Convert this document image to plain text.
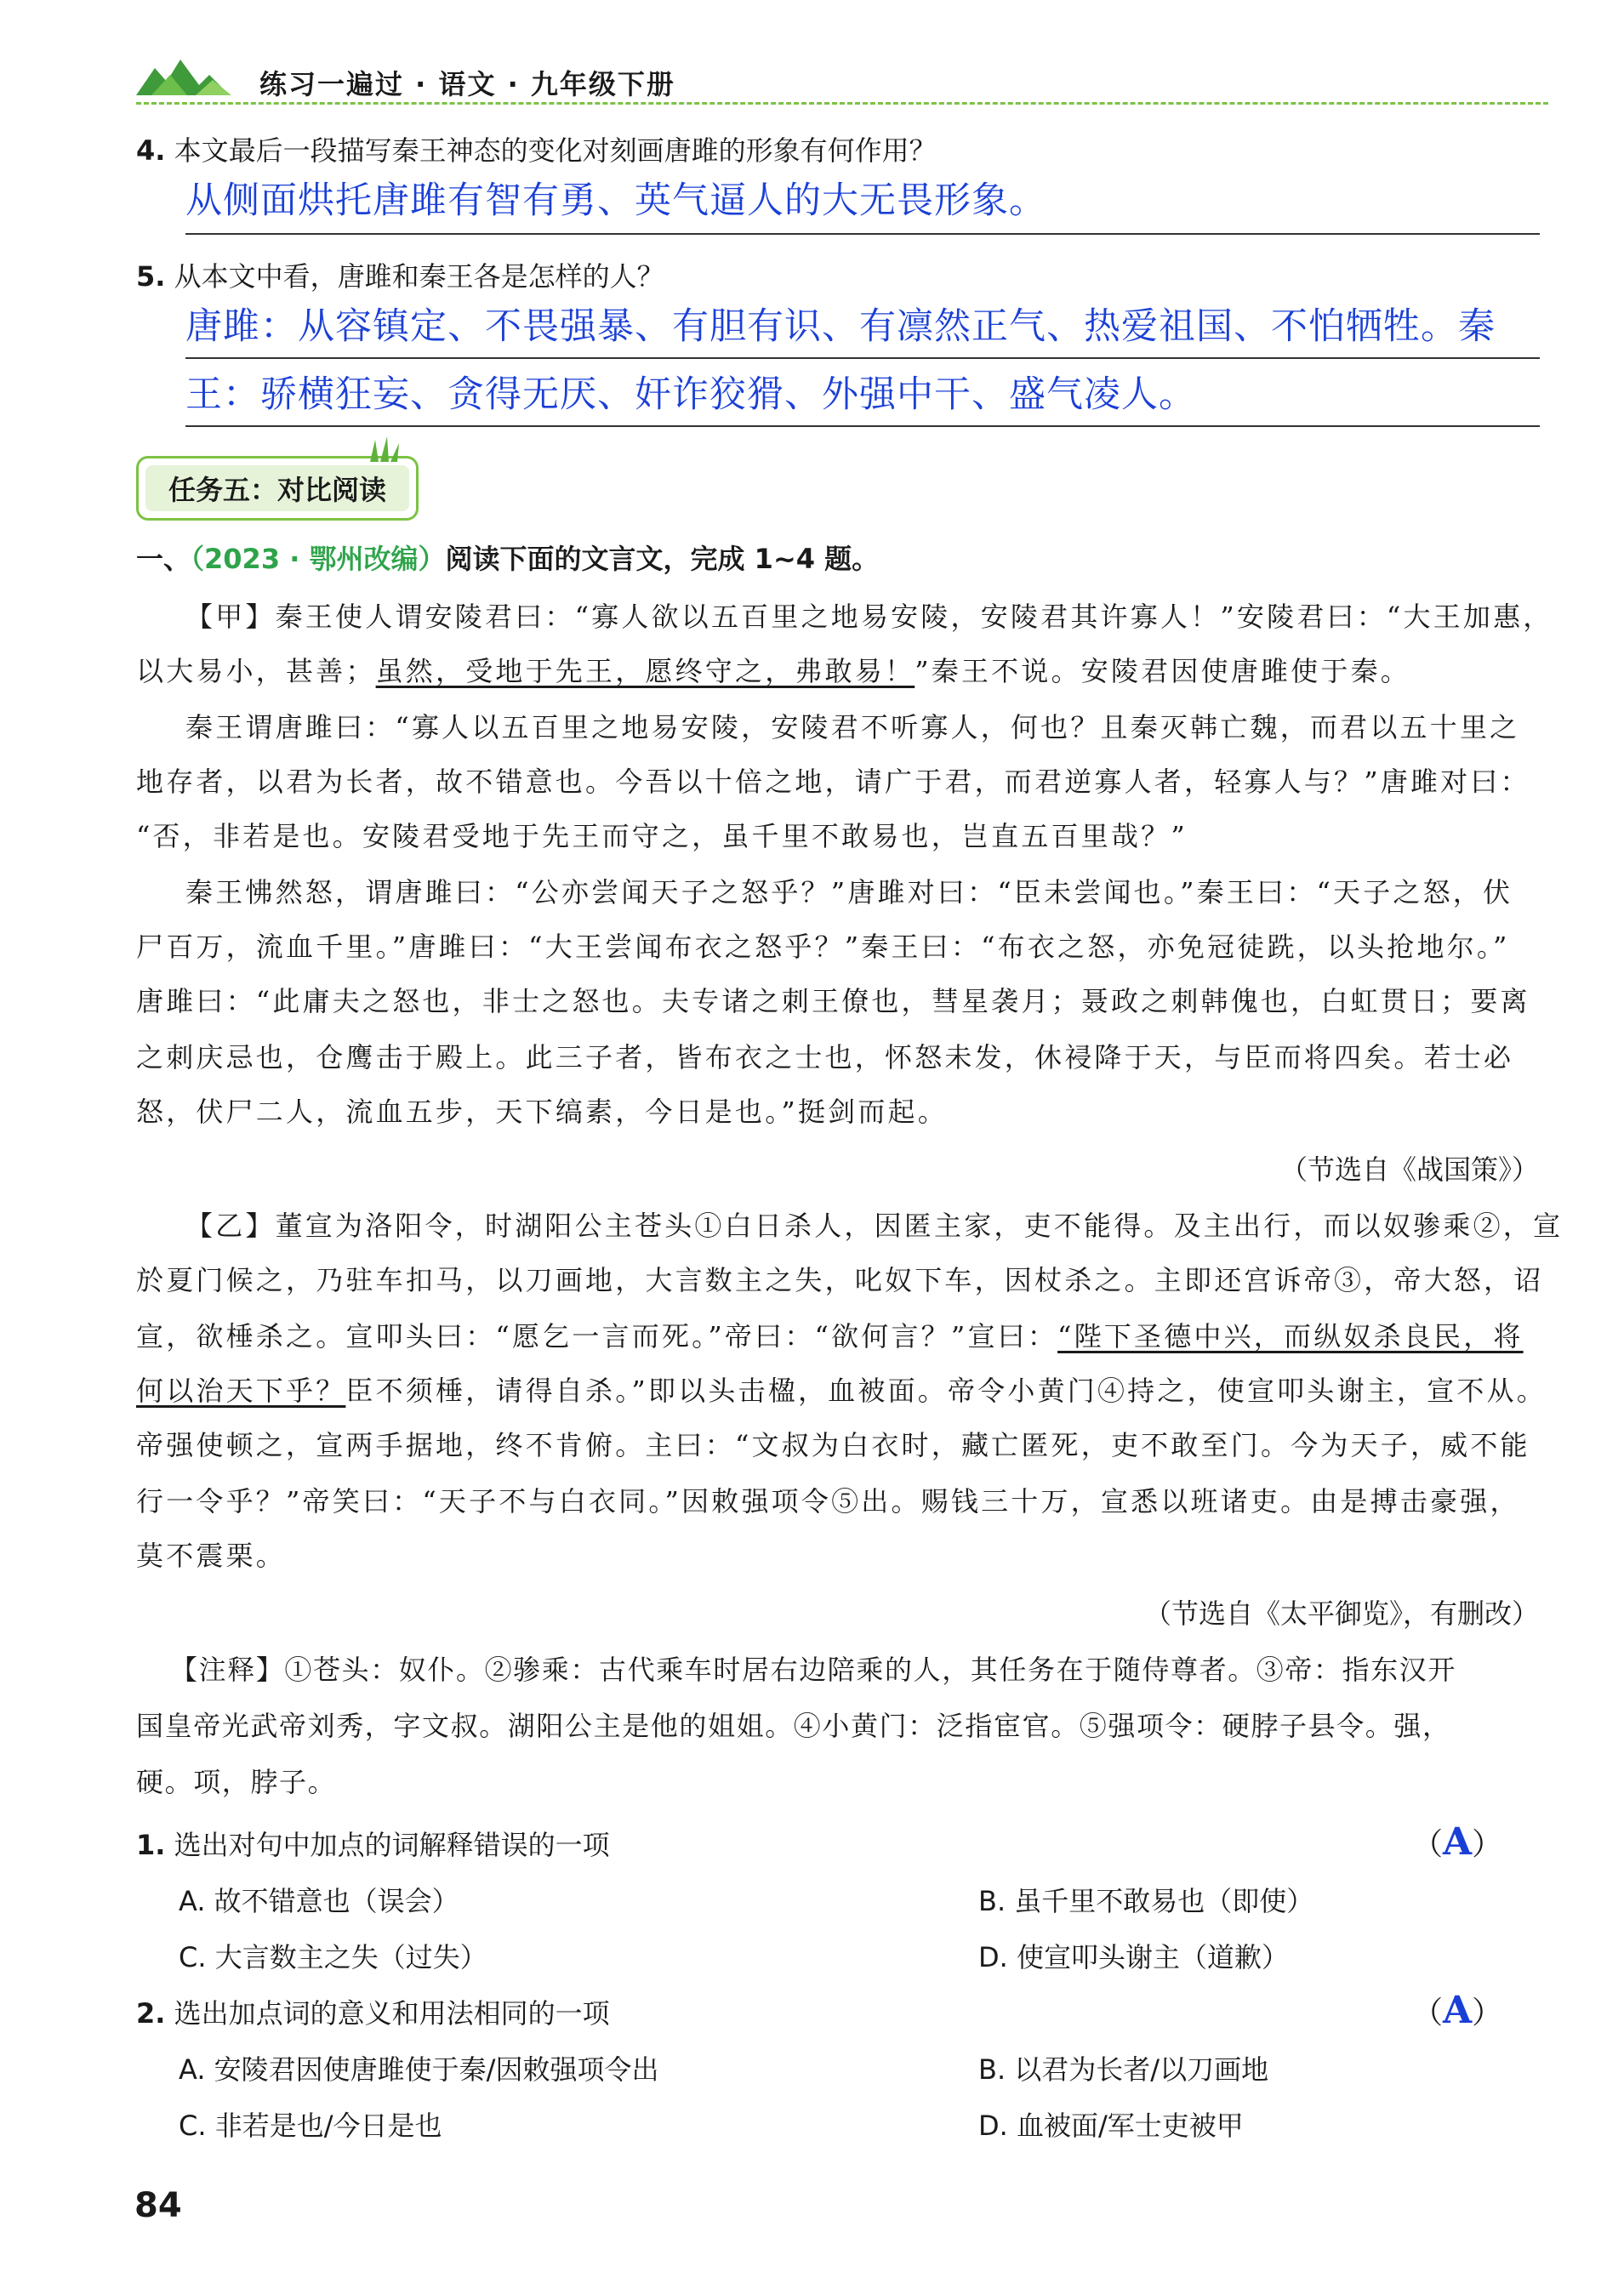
练习一遍过 · 语文 · 九年级下册
4. 本文最后一段描写秦王神态的变化对刻画唐雎的形象有何作用？
从侧面烘托唐雎有智有勇、英气逼人的大无畏形象。
5. 从本文中看，唐雎和秦王各是怎样的人？
唐雎：从容镇定、不畏强暴、有胆有识、有凛然正气、热爱祖国、不怕牺牲。秦
王：骄横狂妄、贪得无厌、奸诈狡猾、外强中干、盛气凌人。
任务五：对比阅读
一、（2023 · 鄂州改编）阅读下面的文言文，完成 1~4 题。
【甲】秦王使人谓安陵君曰：“寡人欲以五百里之地易安陵，安陵君其许寡人！”安陵君曰：“大王加惠，
以大易小，甚善；虽然，受地于先王，愿终守之，弗敢易！”秦王不说。安陵君因使唐雎使于秦。
秦王谓唐雎曰：“寡人以五百里之地易安陵，安陵君不听寡人，何也？且秦灭韩亡魏，而君以五十里之
地存者，以君为长者，故不错意也。今吾以十倍之地，请广于君，而君逆寡人者，轻寡人与？”唐雎对曰：
“否，非若是也。安陵君受地于先王而守之，虽千里不敢易也，岂直五百里哉？”
秦王怫然怒，谓唐雎曰：“公亦尝闻天子之怒乎？”唐雎对曰：“臣未尝闻也。”秦王曰：“天子之怒，伏
尸百万，流血千里。”唐雎曰：“大王尝闻布衣之怒乎？”秦王曰：“布衣之怒，亦免冠徒跣，以头抢地尔。”
唐雎曰：“此庸夫之怒也，非士之怒也。夫专诸之刺王僚也，彗星袭月；聂政之刺韩傀也，白虹贯日；要离
之刺庆忌也，仓鹰击于殿上。此三子者，皆布衣之士也，怀怒未发，休祲降于天，与臣而将四矣。若士必
怒，伏尸二人，流血五步，天下缟素，今日是也。”挺剑而起。
（节选自《战国策》）
【乙】董宣为洛阳令，时湖阳公主苍头①白日杀人，因匿主家，吏不能得。及主出行，而以奴骖乘②，宣
於夏门候之，乃驻车扣马，以刀画地，大言数主之失，叱奴下车，因杖杀之。主即还宫诉帝③，帝大怒，诏
宣，欲棰杀之。宣叩头曰：“愿乞一言而死。”帝曰：“欲何言？”宣曰：“陛下圣德中兴，而纵奴杀良民，将
何以治天下乎？臣不须棰，请得自杀。”即以头击楹，血被面。帝令小黄门④持之，使宣叩头谢主，宣不从。
帝强使顿之，宣两手据地，终不肯俯。主曰：“文叔为白衣时，藏亡匿死，吏不敢至门。今为天子，威不能
行一令乎？”帝笑曰：“天子不与白衣同。”因敕强项令⑤出。赐钱三十万，宣悉以班诸吏。由是搏击豪强，
莫不震栗。
（节选自《太平御览》，有删改）
【注释】①苍头：奴仆。②骖乘：古代乘车时居右边陪乘的人，其任务在于随侍尊者。③帝：指东汉开
国皇帝光武帝刘秀，字文叔。湖阳公主是他的姐姐。④小黄门：泛指宦官。⑤强项令：硬脖子县令。强，
硬。项，脖子。
1. 选出对句中加点的词解释错误的一项	（A）
A. 故不错意也（误会）	B. 虽千里不敢易也（即使）
C. 大言数主之失（过失）	D. 使宣叩头谢主（道歉）
2. 选出加点词的意义和用法相同的一项	（A）
A. 安陵君因使唐雎使于秦/因敕强项令出	B. 以君为长者/以刀画地
C. 非若是也/今日是也	D. 血被面/军士吏被甲
84
